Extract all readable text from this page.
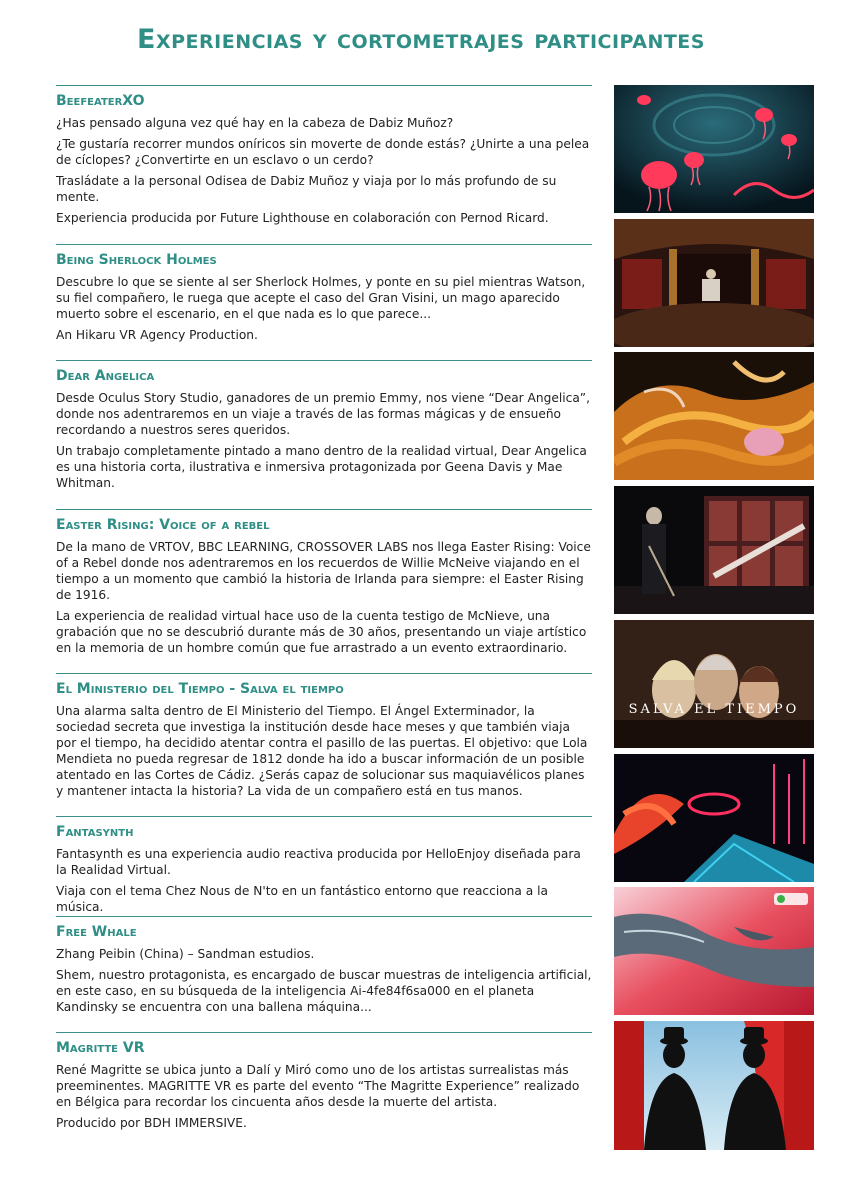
Experiencias y cortometrajes participantes
BeefeaterXO

¿Has pensado alguna vez qué hay en la cabeza de Dabiz Muñoz?

¿Te gustaría recorrer mundos oníricos sin moverte de donde estás? ¿Unirte a una pelea de cíclopes? ¿Convertirte en un esclavo o un cerdo?

Trasládate a la personal Odisea de Dabiz Muñoz y viaja por lo más profundo de su mente.

Experiencia producida por Future Lighthouse en colaboración con Pernod Ricard.

Being Sherlock Holmes

Descubre lo que se siente al ser Sherlock Holmes, y ponte en su piel mientras Watson, su fiel compañero, le ruega que acepte el caso del Gran Visini, un mago aparecido muerto sobre el escenario, en el que nada es lo que parece...

An Hikaru VR Agency Production.

Dear Angelica

Desde Oculus Story Studio, ganadores de un premio Emmy, nos viene “Dear Angelica”, donde nos adentraremos en un viaje a través de las formas mágicas y de ensueño recordando a nuestros seres queridos.

Un trabajo completamente pintado a mano dentro de la realidad virtual, Dear Angelica es una historia corta, ilustrativa e inmersiva protagonizada por Geena Davis y Mae Whitman.

Easter Rising: Voice of a rebel

De la mano de VRTOV, BBC LEARNING, CROSSOVER LABS nos llega Easter Rising: Voice of a Rebel donde nos adentraremos en los recuerdos de Willie McNeive viajando en el tiempo a un momento que cambió la historia de Irlanda para siempre: el Easter Rising de 1916.

La experiencia de realidad virtual hace uso de la cuenta testigo de McNieve, una grabación que no se descubrió durante más de 30 años, presentando un viaje artístico en la memoria de un hombre común que fue arrastrado a un evento extraordinario.

El Ministerio del Tiempo - Salva el tiempo

Una alarma salta dentro de El Ministerio del Tiempo. El Ángel Exterminador, la sociedad secreta que investiga la institución desde hace meses y que también viaja por el tiempo, ha decidido atentar contra el pasillo de las puertas. El objetivo: que Lola Mendieta no pueda regresar de 1812 donde ha ido a buscar información de un posible atentado en las Cortes de Cádiz. ¿Serás capaz de solucionar sus maquiavélicos planes y mantener intacta la historia? La vida de un compañero está en tus manos.

SALVA EL TIEMPO
Fantasynth

Fantasynth es una experiencia audio reactiva producida por HelloEnjoy diseñada para la Realidad Virtual.

Viaja con el tema Chez Nous de N'to en un fantástico entorno que reacciona a la música.

Free Whale

Zhang Peibin (China) – Sandman estudios.

Shem, nuestro protagonista, es encargado de buscar muestras de inteligencia artificial, en este caso, en su búsqueda de la inteligencia Ai-4fe84f6sa000 en el planeta Kandinsky se encuentra con una ballena máquina...

Magritte VR

René Magritte se ubica junto a Dalí y Miró como uno de los artistas surrealistas más preeminentes. MAGRITTE VR es parte del evento “The Magritte Experience” realizado en Bélgica para recordar los cincuenta años desde la muerte del artista.

Producido por BDH IMMERSIVE.
